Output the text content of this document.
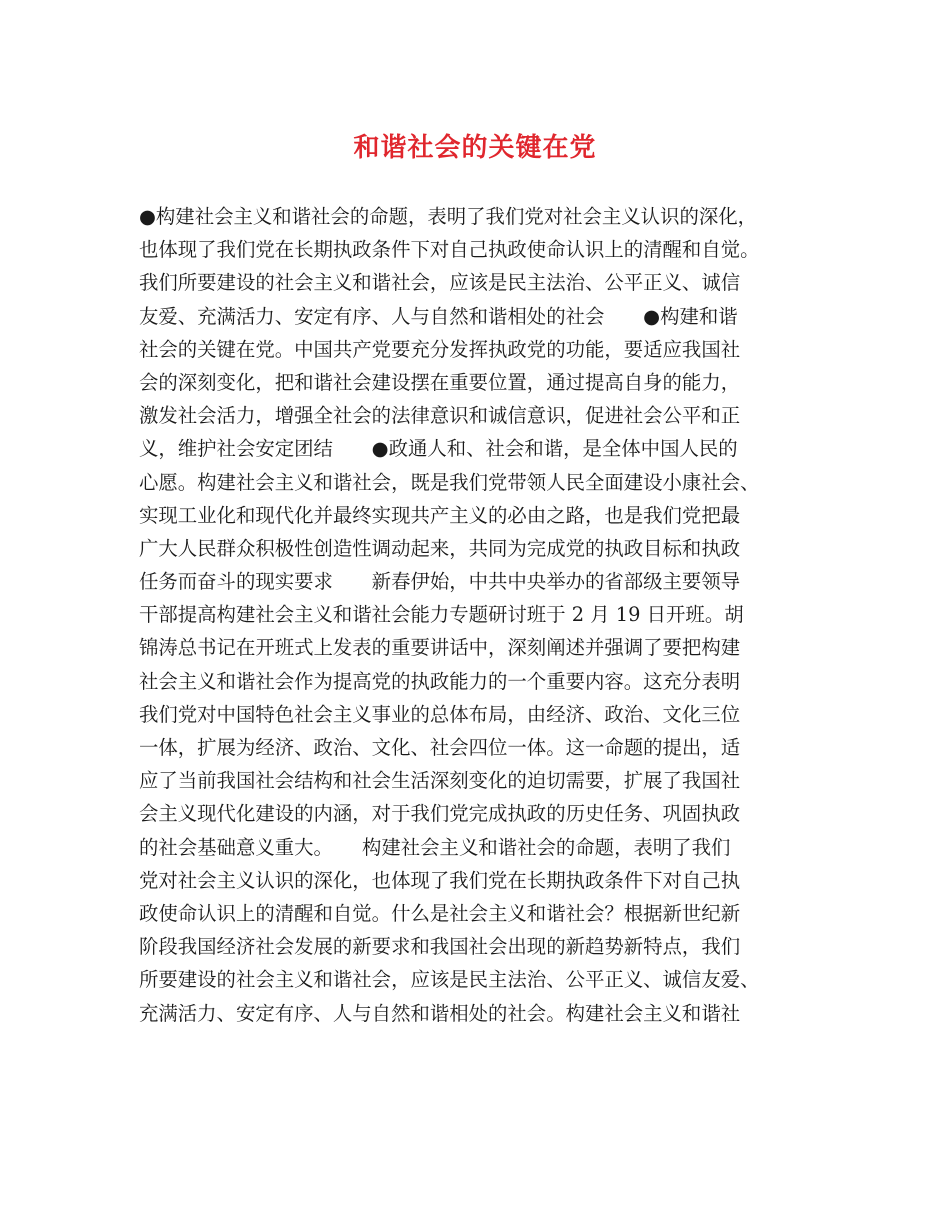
和谐社会的关键在党
●构建社会主义和谐社会的命题，表明了我们党对社会主义认识的深化，
也体现了我们党在长期执政条件下对自己执政使命认识上的清醒和自觉。
我们所要建设的社会主义和谐社会，应该是民主法治、公平正义、诚信
友爱、充满活力、安定有序、人与自然和谐相处的社会　　●构建和谐
社会的关键在党。中国共产党要充分发挥执政党的功能，要适应我国社
会的深刻变化，把和谐社会建设摆在重要位置，通过提高自身的能力，
激发社会活力，增强全社会的法律意识和诚信意识，促进社会公平和正
义，维护社会安定团结　　●政通人和、社会和谐，是全体中国人民的
心愿。构建社会主义和谐社会，既是我们党带领人民全面建设小康社会、
实现工业化和现代化并最终实现共产主义的必由之路，也是我们党把最
广大人民群众积极性创造性调动起来，共同为完成党的执政目标和执政
任务而奋斗的现实要求　　新春伊始，中共中央举办的省部级主要领导
干部提高构建社会主义和谐社会能力专题研讨班于 2 月 19 日开班。胡
锦涛总书记在开班式上发表的重要讲话中，深刻阐述并强调了要把构建
社会主义和谐社会作为提高党的执政能力的一个重要内容。这充分表明
我们党对中国特色社会主义事业的总体布局，由经济、政治、文化三位
一体，扩展为经济、政治、文化、社会四位一体。这一命题的提出，适
应了当前我国社会结构和社会生活深刻变化的迫切需要，扩展了我国社
会主义现代化建设的内涵，对于我们党完成执政的历史任务、巩固执政
的社会基础意义重大。　　构建社会主义和谐社会的命题，表明了我们
党对社会主义认识的深化，也体现了我们党在长期执政条件下对自己执
政使命认识上的清醒和自觉。什么是社会主义和谐社会？根据新世纪新
阶段我国经济社会发展的新要求和我国社会出现的新趋势新特点，我们
所要建设的社会主义和谐社会，应该是民主法治、公平正义、诚信友爱、
充满活力、安定有序、人与自然和谐相处的社会。构建社会主义和谐社
